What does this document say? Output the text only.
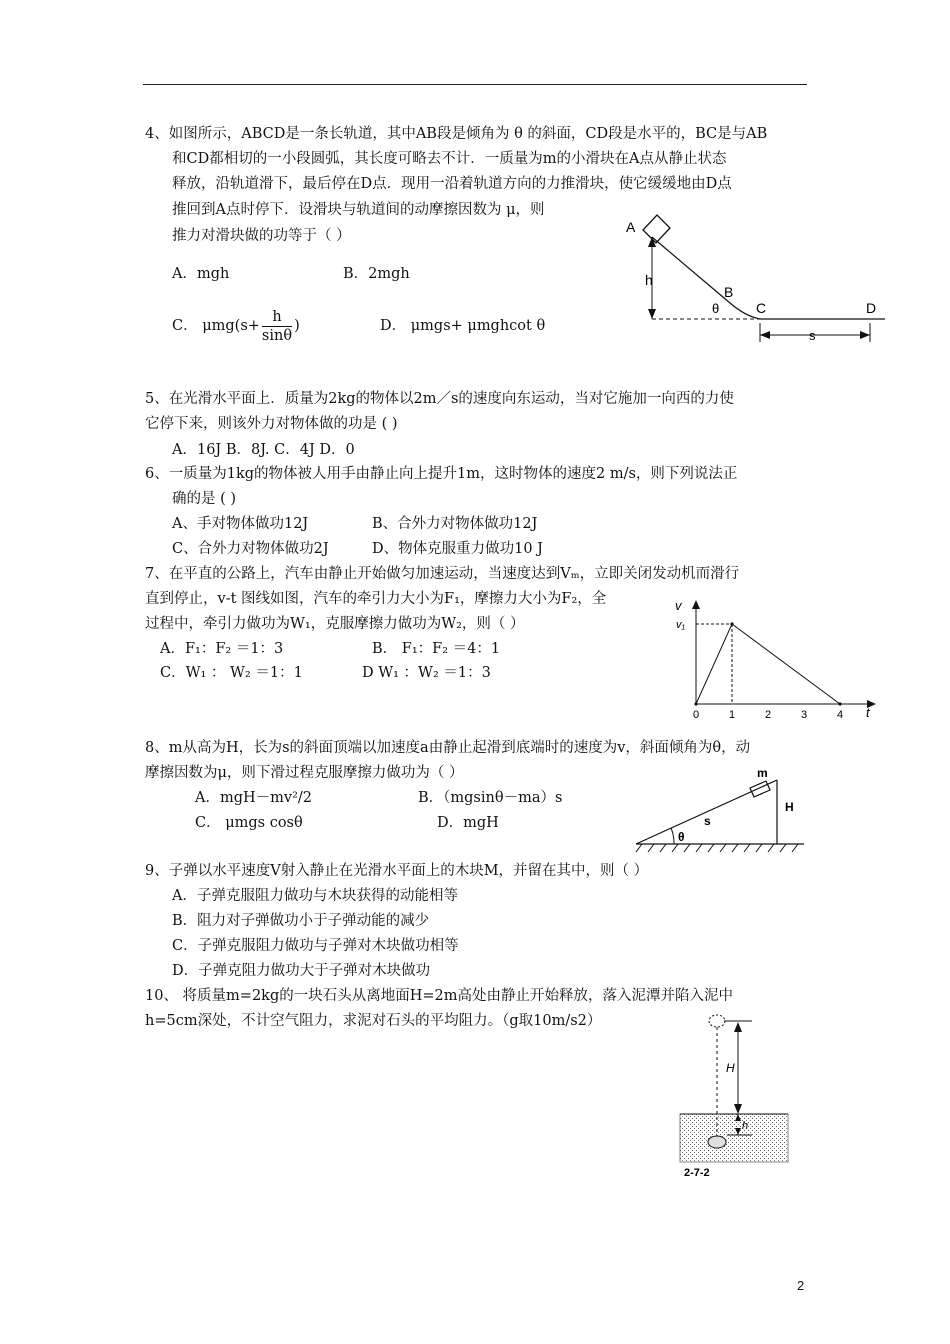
4、如图所示，ABCD是一条长轨道，其中AB段是倾角为 θ 的斜面，CD段是水平的，BC是与AB
和CD都相切的一小段圆弧，其长度可略去不计．一质量为m的小滑块在A点从静止状态
释放，沿轨道滑下，最后停在D点．现用一沿着轨道方向的力推滑块，使它缓缓地由D点
推回到A点时停下．设滑块与轨道间的动摩擦因数为 μ，则
推力对滑块做的功等于（ ）
A．mgh	B．2mgh
C． $\mu mg(s+ \frac{h}{\sin\theta}$ )	D． μmgs+ μmghcot θ
A
h
B
θ	C	D
s
5、在光滑水平面上．质量为2kg的物体以2m／s的速度向东运动，当对它施加一向西的力使
它停下来，则该外力对物体做的功是 ( )
A．16J B．8J. C．4J D．0
6、一质量为1kg的物体被人用手由静止向上提升1m，这时物体的速度2 m/s，则下列说法正
确的是 ( )
A、手对物体做功12J	B、合外力对物体做功12J
C、合外力对物体做功2J	D、物体克服重力做功10 J
7、在平直的公路上，汽车由静止开始做匀加速运动，当速度达到Vₘ，立即关闭发动机而滑行
直到停止，v-t 图线如图，汽车的牵引力大小为F₁，摩擦力大小为F₂，全
过程中，牵引力做功为W₁，克服摩擦力做功为W₂，则（ ）
A．F₁：F₂ ＝1：3	B． F₁：F₂ ＝4：1
C．W₁ ： W₂ ＝1：1	D W₁ ：W₂ ＝1：3
v
t
v₁
0	1	2	3	4
8、m从高为H，长为s的斜面顶端以加速度a由静止起滑到底端时的速度为v，斜面倾角为θ，动
摩擦因数为μ，则下滑过程克服摩擦力做功为（ ）
A．mgH－mv²/2	B．（mgsinθ－ma）s
C． μmgs cosθ	D．mgH
m
s
H
θ
9、子弹以水平速度V射入静止在光滑水平面上的木块M，并留在其中，则（ ）
A．子弹克服阻力做功与木块获得的动能相等
B．阻力对子弹做功小于子弹动能的减少
C．子弹克服阻力做功与子弹对木块做功相等
D．子弹克阻力做功大于子弹对木块做功
10、 将质量m=2kg的一块石头从离地面H=2m高处由静止开始释放，落入泥潭并陷入泥中
h=5cm深处，不计空气阻力，求泥对石头的平均阻力。（g取10m/s2）
H
h
2-7-2
2
